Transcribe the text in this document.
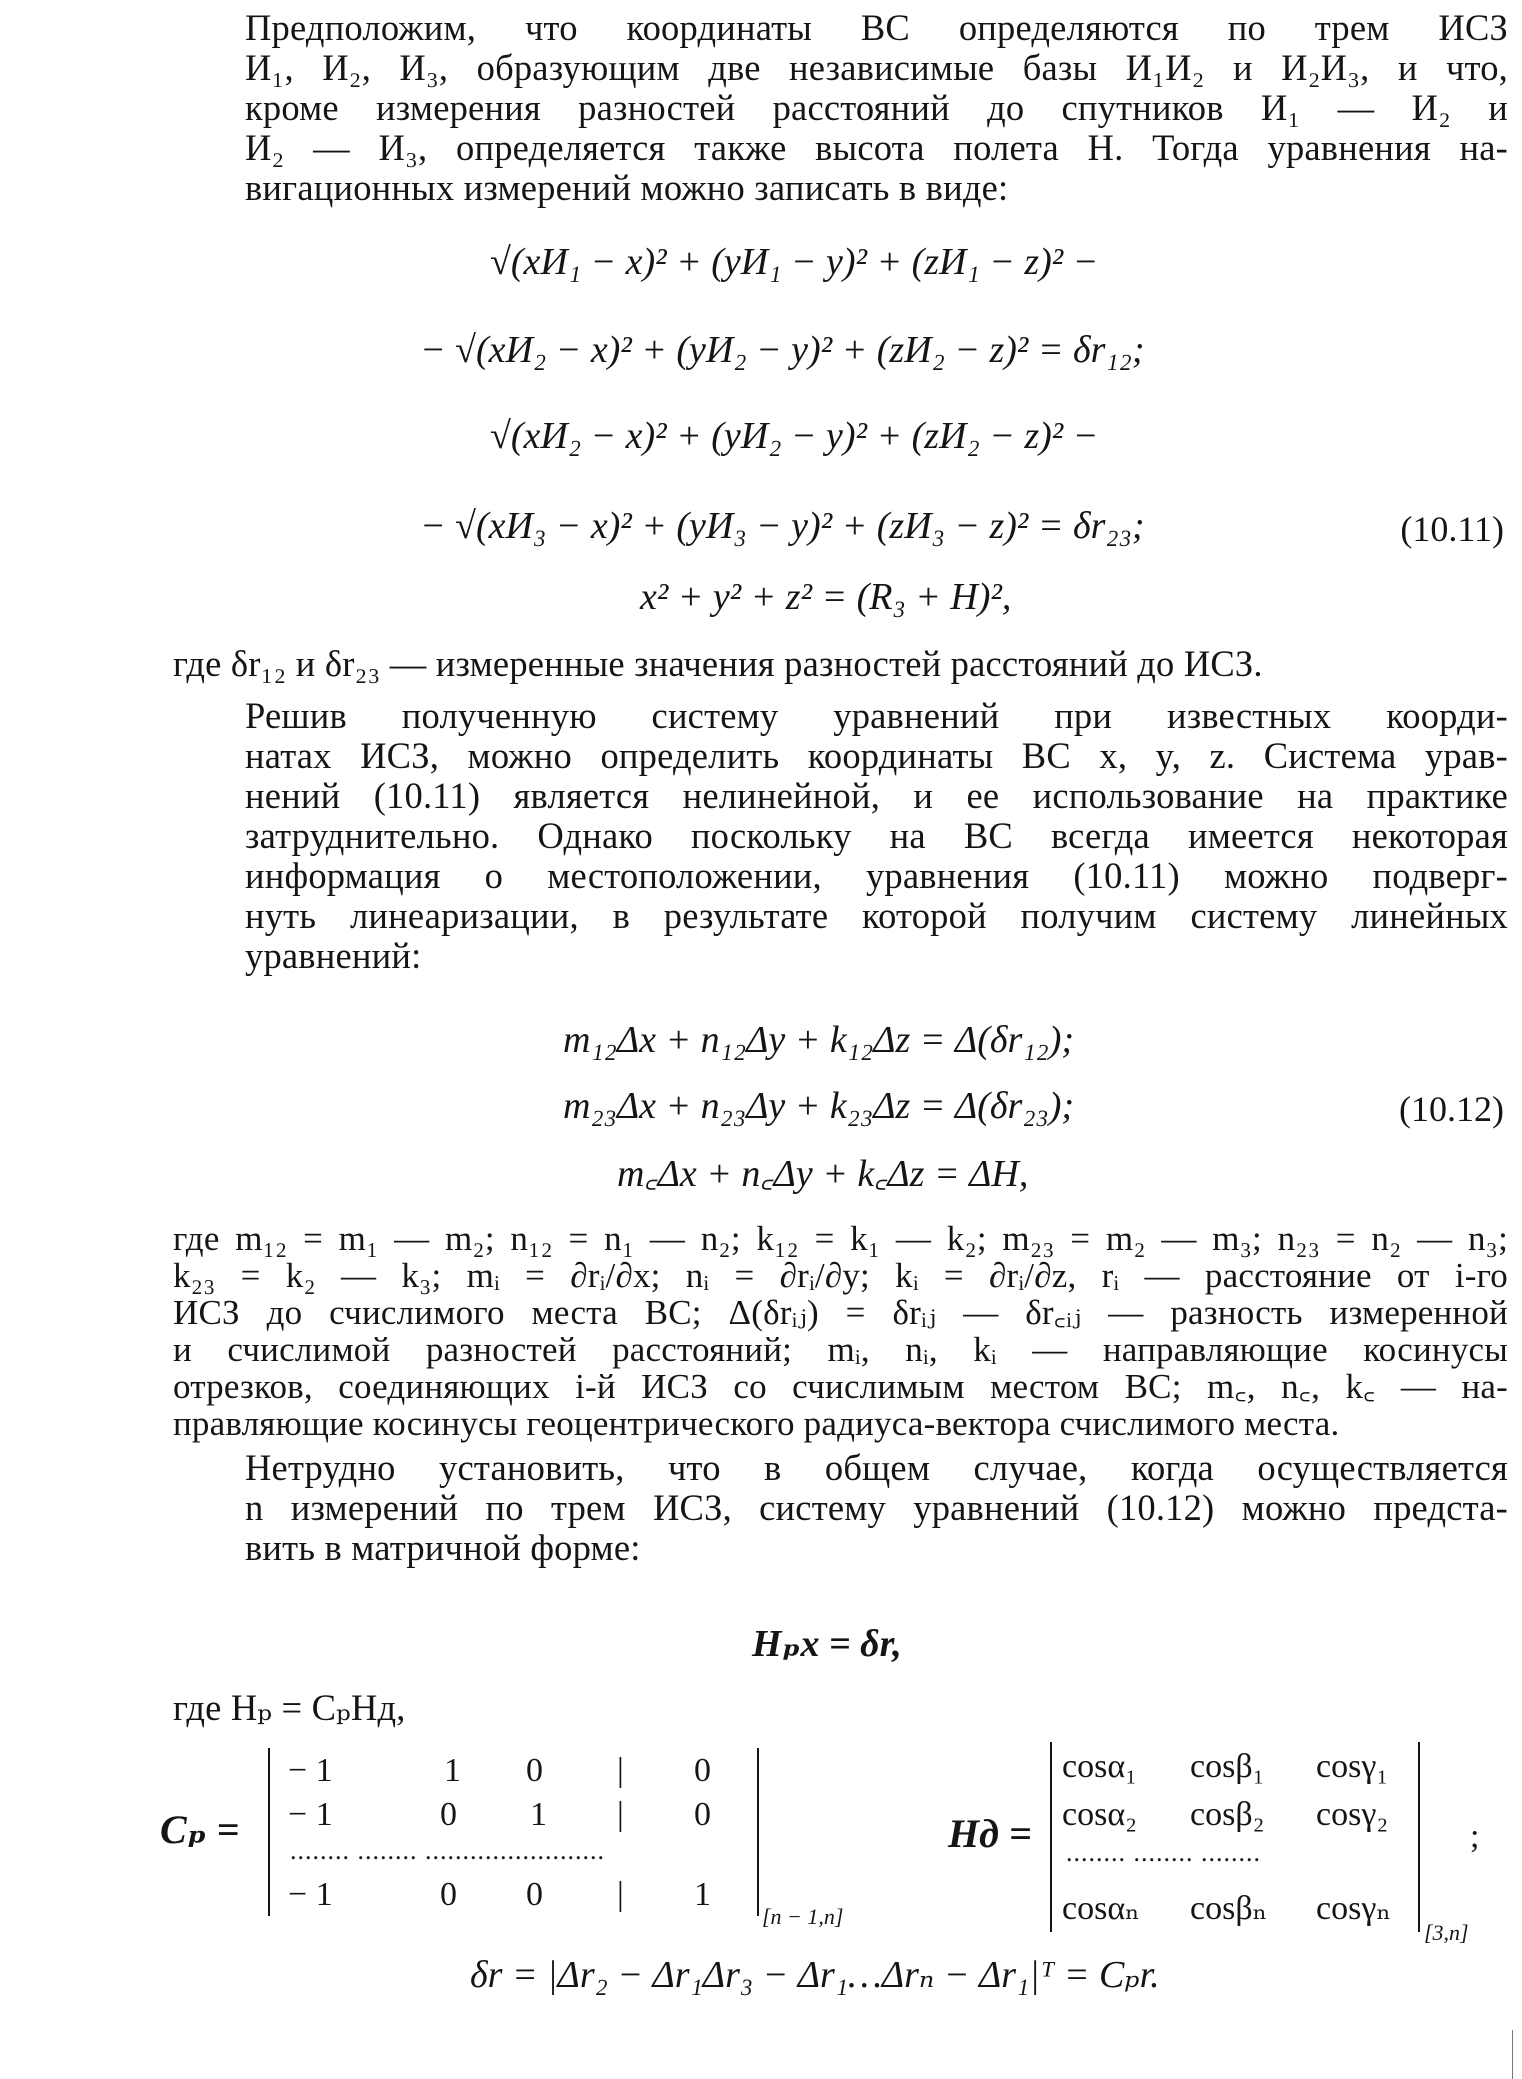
Предположим, что координаты ВС определяются по трем ИСЗ
И₁, И₂, И₃, образующим две независимые базы И₁И₂ и И₂И₃, и что,
кроме измерения разностей расстояний до спутников И₁ — И₂ и
И₂ — И₃, определяется также высота полета H. Тогда уравнения на-
вигационных измерений можно записать в виде:
√(xИ₁ − x)² + (yИ₁ − y)² + (zИ₁ − z)² −
− √(xИ₂ − x)² + (yИ₂ − y)² + (zИ₂ − z)² = δr₁₂;
√(xИ₂ − x)² + (yИ₂ − y)² + (zИ₂ − z)² −
− √(xИ₃ − x)² + (yИ₃ − y)² + (zИ₃ − z)² = δr₂₃;
x² + y² + z² = (R₃ + H)²,
(10.11)
где δr₁₂ и δr₂₃ — измеренные значения разностей расстояний до ИСЗ.
Решив полученную систему уравнений при известных коорди-
натах ИСЗ, можно определить координаты ВС x, y, z. Система урав-
нений (10.11) является нелинейной, и ее использование на практике
затруднительно. Однако поскольку на ВС всегда имеется некоторая
информация о местоположении, уравнения (10.11) можно подверг-
нуть линеаризации, в результате которой получим систему линейных
уравнений:
m₁₂Δx + n₁₂Δy + k₁₂Δz = Δ(δr₁₂);
m₂₃Δx + n₂₃Δy + k₂₃Δz = Δ(δr₂₃);
m꜀Δx + n꜀Δy + k꜀Δz = ΔH,
(10.12)
где m₁₂ = m₁ — m₂; n₁₂ = n₁ — n₂; k₁₂ = k₁ — k₂; m₂₃ = m₂ — m₃; n₂₃ = n₂ — n₃;
k₂₃ = k₂ — k₃; mᵢ = ∂rᵢ/∂x; nᵢ = ∂rᵢ/∂y; kᵢ = ∂rᵢ/∂z, rᵢ — расстояние от i-го
ИСЗ до счислимого места ВС; Δ(δrᵢⱼ) = δrᵢⱼ — δr꜀ᵢⱼ — разность измеренной
и счислимой разностей расстояний; mᵢ, nᵢ, kᵢ — направляющие косинусы
отрезков, соединяющих i-й ИСЗ со счислимым местом ВС; m꜀, n꜀, k꜀ — на-
правляющие косинусы геоцентрического радиуса-вектора счислимого места.
Нетрудно установить, что в общем случае, когда осуществляется
n измерений по трем ИСЗ, систему уравнений (10.12) можно предста-
вить в матричной форме:
Hₚx = δr,
где Hₚ = CₚHд,
Cₚ =
− 1	1 0 | 0
− 1	0 1 | 0
........ ........ ........................
− 1	0 0 | 1
[n − 1,n]
Hд =
cosα₁ cosβ₁ cosγ₁
cosα₂ cosβ₂ cosγ₂
........ ........ ........
cosαₙ cosβₙ cosγₙ
[3,n]
;
δr = |Δr₂ − Δr₁Δr₃ − Δr₁…Δrₙ − Δr₁|ᵀ = Cₚr.
